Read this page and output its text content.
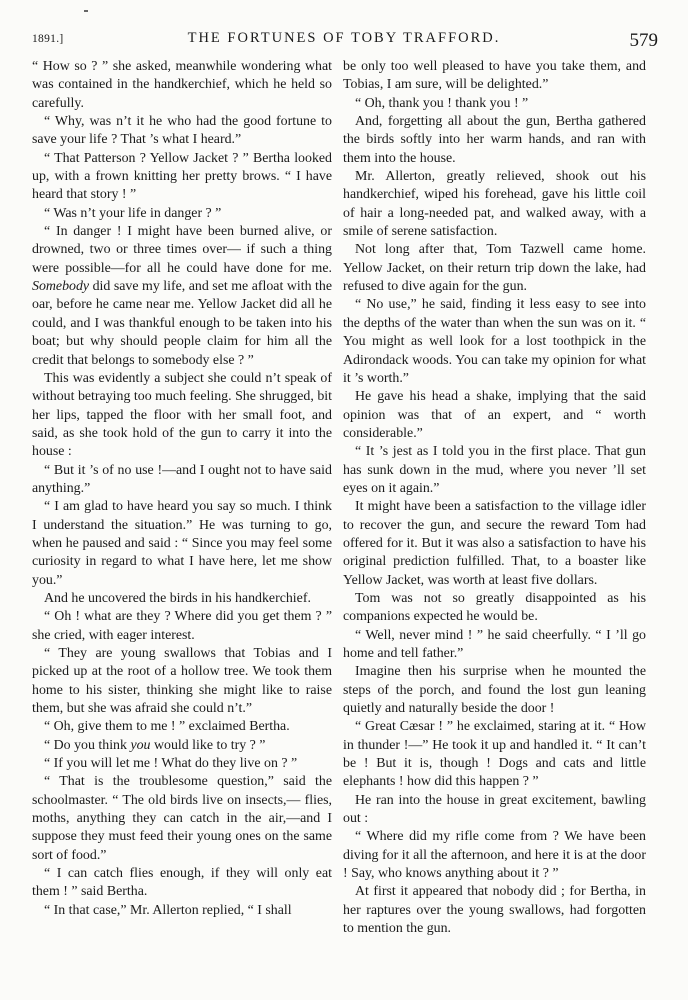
1891.]	THE FORTUNES OF TOBY TRAFFORD.	579

“ How so ? ” she asked, meanwhile wondering what was contained in the handkerchief, which he held so carefully.

“ Why, was n’t it he who had the good fortune to save your life ? That ’s what I heard.”

“ That Patterson ? Yellow Jacket ? ” Bertha looked up, with a frown knitting her pretty brows. “ I have heard that story ! ”

“ Was n’t your life in danger ? ”

“ In danger ! I might have been burned alive, or drowned, two or three times over— if such a thing were possible—for all he could have done for me. Somebody did save my life, and set me afloat with the oar, before he came near me. Yellow Jacket did all he could, and I was thankful enough to be taken into his boat; but why should people claim for him all the credit that belongs to somebody else ? ”

This was evidently a subject she could n’t speak of without betraying too much feeling. She shrugged, bit her lips, tapped the floor with her small foot, and said, as she took hold of the gun to carry it into the house :

“ But it ’s of no use !—and I ought not to have said anything.”

“ I am glad to have heard you say so much. I think I understand the situation.” He was turning to go, when he paused and said : “ Since you may feel some curiosity in regard to what I have here, let me show you.”

And he uncovered the birds in his handkerchief.

“ Oh ! what are they ? Where did you get them ? ” she cried, with eager interest.

“ They are young swallows that Tobias and I picked up at the root of a hollow tree. We took them home to his sister, thinking she might like to raise them, but she was afraid she could n’t.”

“ Oh, give them to me ! ” exclaimed Bertha.

“ Do you think you would like to try ? ”

“ If you will let me ! What do they live on ? ”

“ That is the troublesome question,” said the schoolmaster. “ The old birds live on insects,— flies, moths, anything they can catch in the air,—and I suppose they must feed their young ones on the same sort of food.”

“ I can catch flies enough, if they will only eat them ! ” said Bertha.

“ In that case,” Mr. Allerton replied, “ I shall

be only too well pleased to have you take them, and Tobias, I am sure, will be delighted.”

“ Oh, thank you ! thank you ! ”

And, forgetting all about the gun, Bertha gathered the birds softly into her warm hands, and ran with them into the house.

Mr. Allerton, greatly relieved, shook out his handkerchief, wiped his forehead, gave his little coil of hair a long-needed pat, and walked away, with a smile of serene satisfaction.

Not long after that, Tom Tazwell came home. Yellow Jacket, on their return trip down the lake, had refused to dive again for the gun.

“ No use,” he said, finding it less easy to see into the depths of the water than when the sun was on it. “ You might as well look for a lost toothpick in the Adirondack woods. You can take my opinion for what it ’s worth.”

He gave his head a shake, implying that the said opinion was that of an expert, and “ worth considerable.”

“ It ’s jest as I told you in the first place. That gun has sunk down in the mud, where you never ’ll set eyes on it again.”

It might have been a satisfaction to the village idler to recover the gun, and secure the reward Tom had offered for it. But it was also a satisfaction to have his original prediction fulfilled. That, to a boaster like Yellow Jacket, was worth at least five dollars.

Tom was not so greatly disappointed as his companions expected he would be.

“ Well, never mind ! ” he said cheerfully. “ I ’ll go home and tell father.”

Imagine then his surprise when he mounted the steps of the porch, and found the lost gun leaning quietly and naturally beside the door !

“ Great Cæsar ! ” he exclaimed, staring at it. “ How in thunder !—” He took it up and handled it. “ It can’t be ! But it is, though ! Dogs and cats and little elephants ! how did this happen ? ”

He ran into the house in great excitement, bawling out :

“ Where did my rifle come from ? We have been diving for it all the afternoon, and here it is at the door ! Say, who knows anything about it ? ”

At first it appeared that nobody did ; for Bertha, in her raptures over the young swallows, had forgotten to mention the gun.
